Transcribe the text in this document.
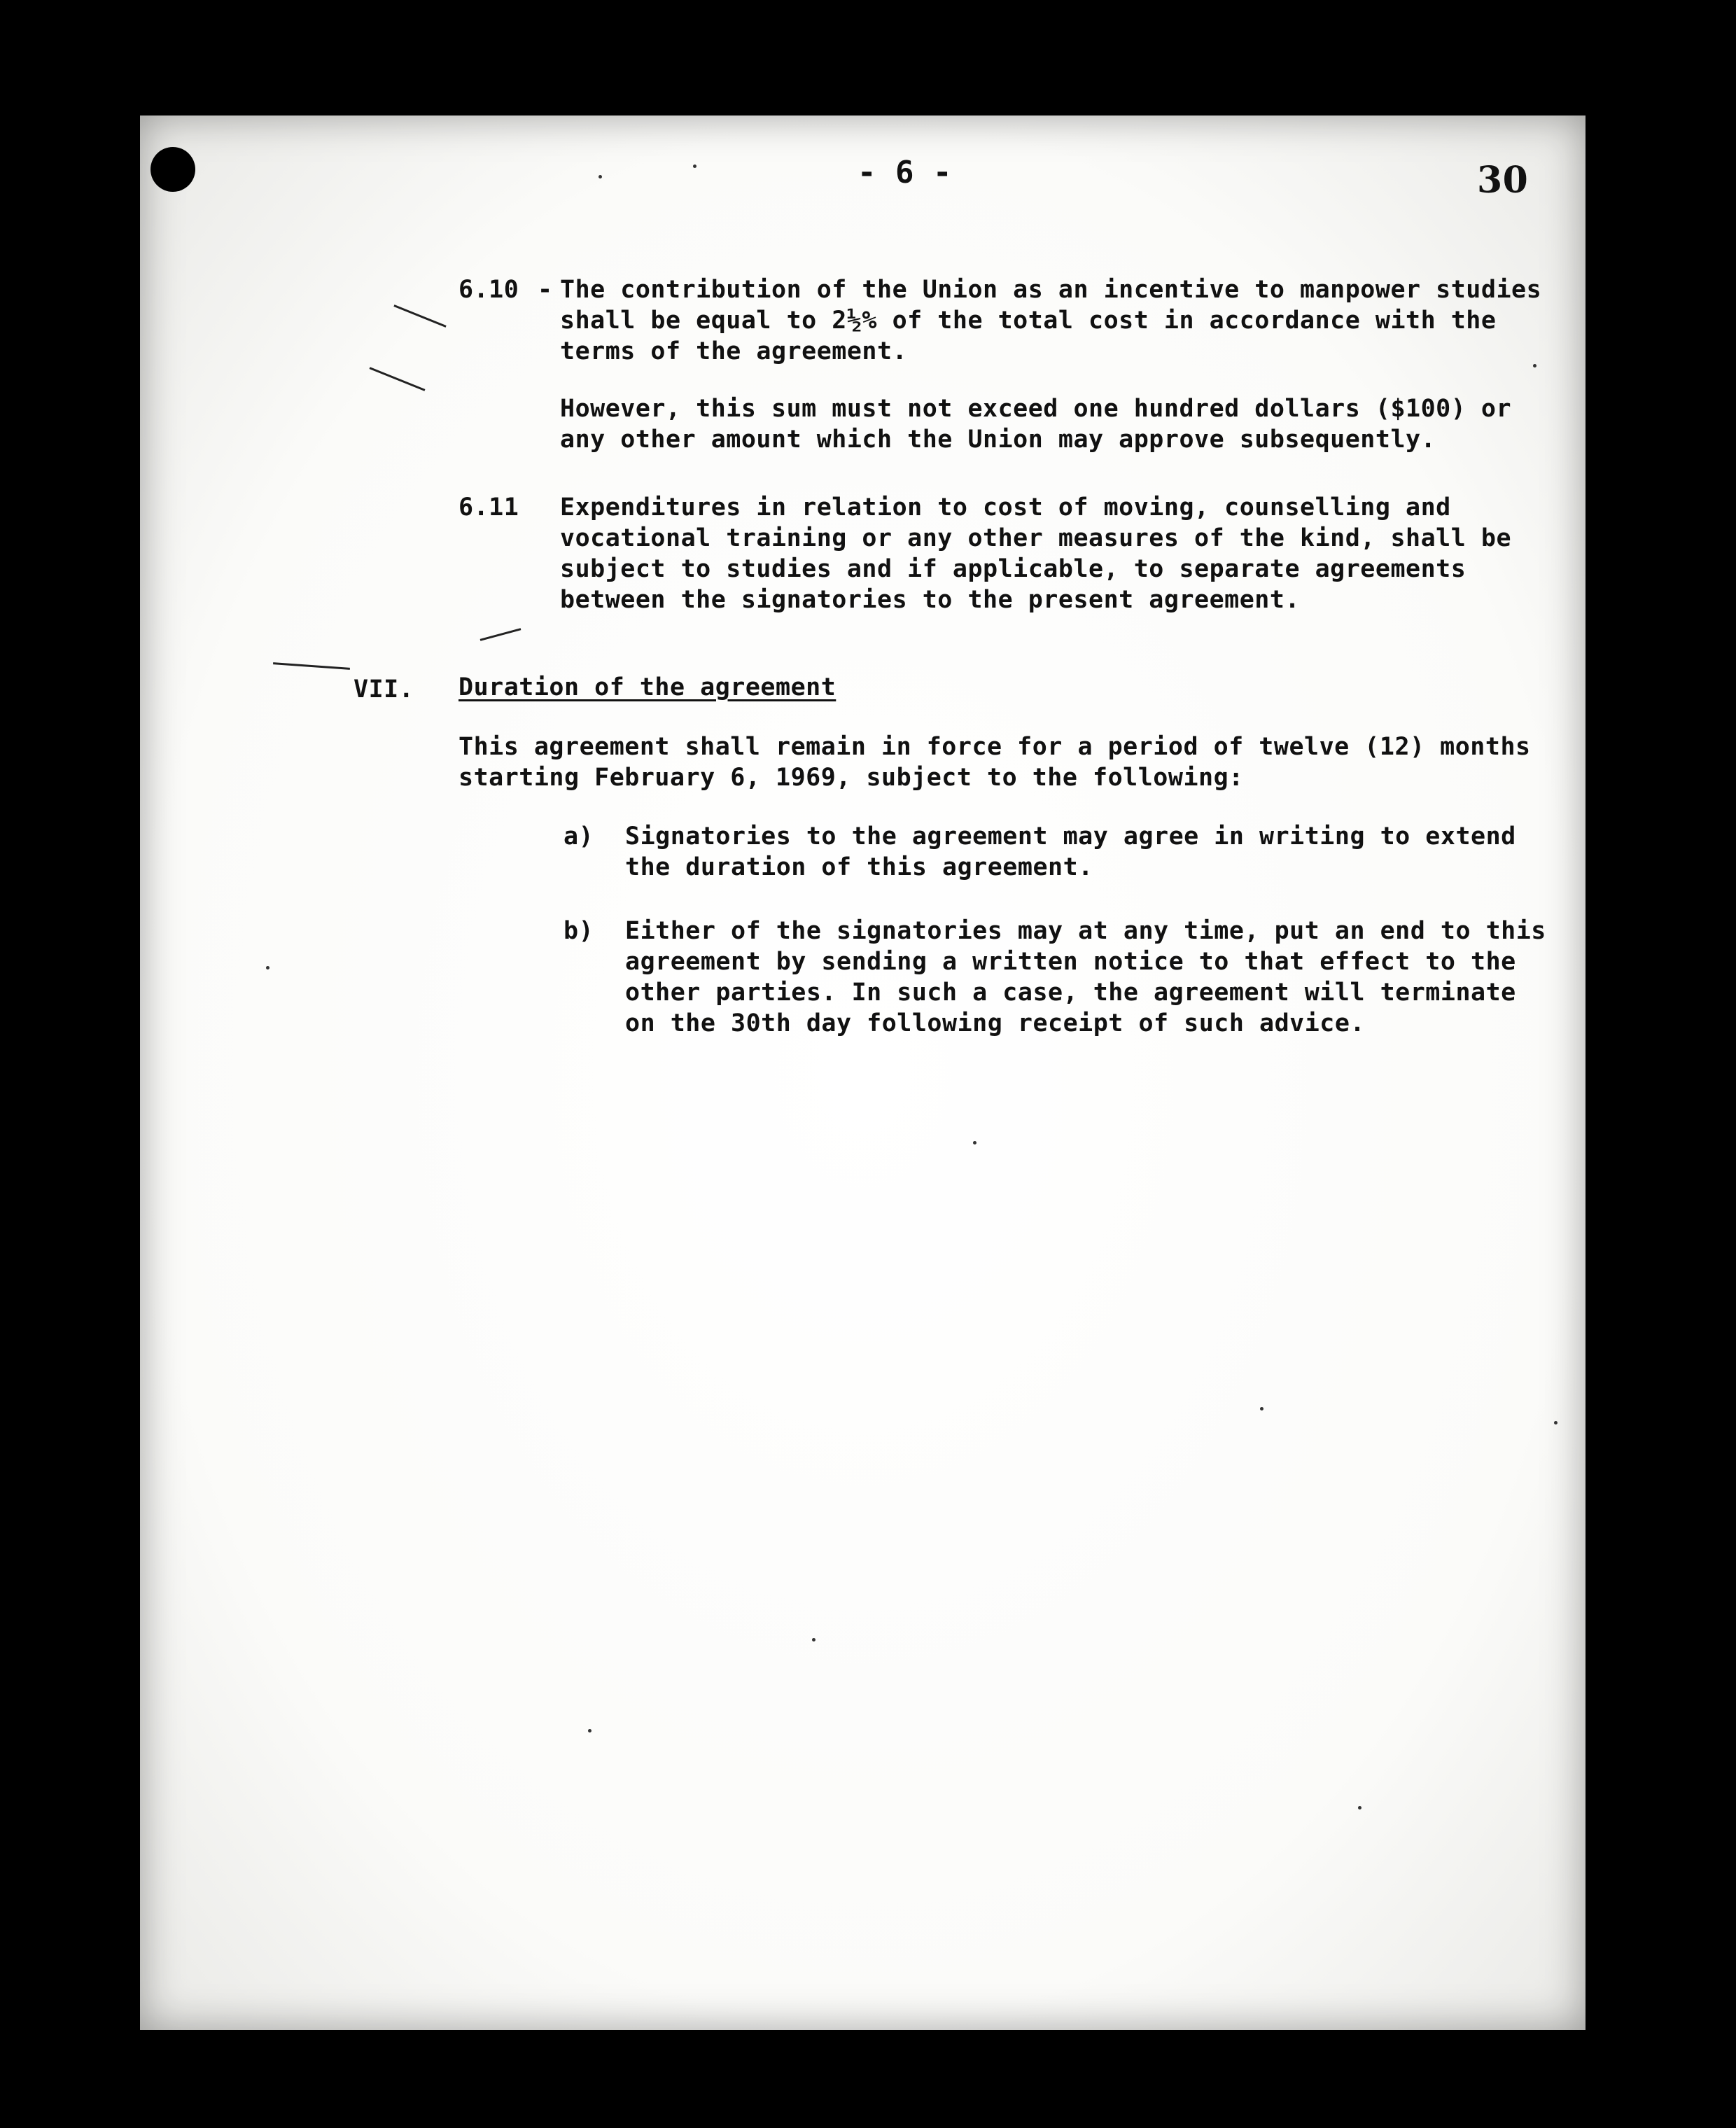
- 6 -	30
6.10 - The contribution of the Union as an incentive to manpower studies
shall be equal to 2½% of the total cost in accordance with the
terms of the agreement.
However, this sum must not exceed one hundred dollars ($100) or
any other amount which the Union may approve subsequently.
6.11 Expenditures in relation to cost of moving, counselling and
vocational training or any other measures of the kind, shall be
subject to studies and if applicable, to separate agreements
between the signatories to the present agreement.
VII. Duration of the agreement
This agreement shall remain in force for a period of twelve (12) months
starting February 6, 1969, subject to the following:
a) Signatories to the agreement may agree in writing to extend
the duration of this agreement.
b) Either of the signatories may at any time, put an end to this
agreement by sending a written notice to that effect to the
other parties. In such a case, the agreement will terminate
on the 30th day following receipt of such advice.
